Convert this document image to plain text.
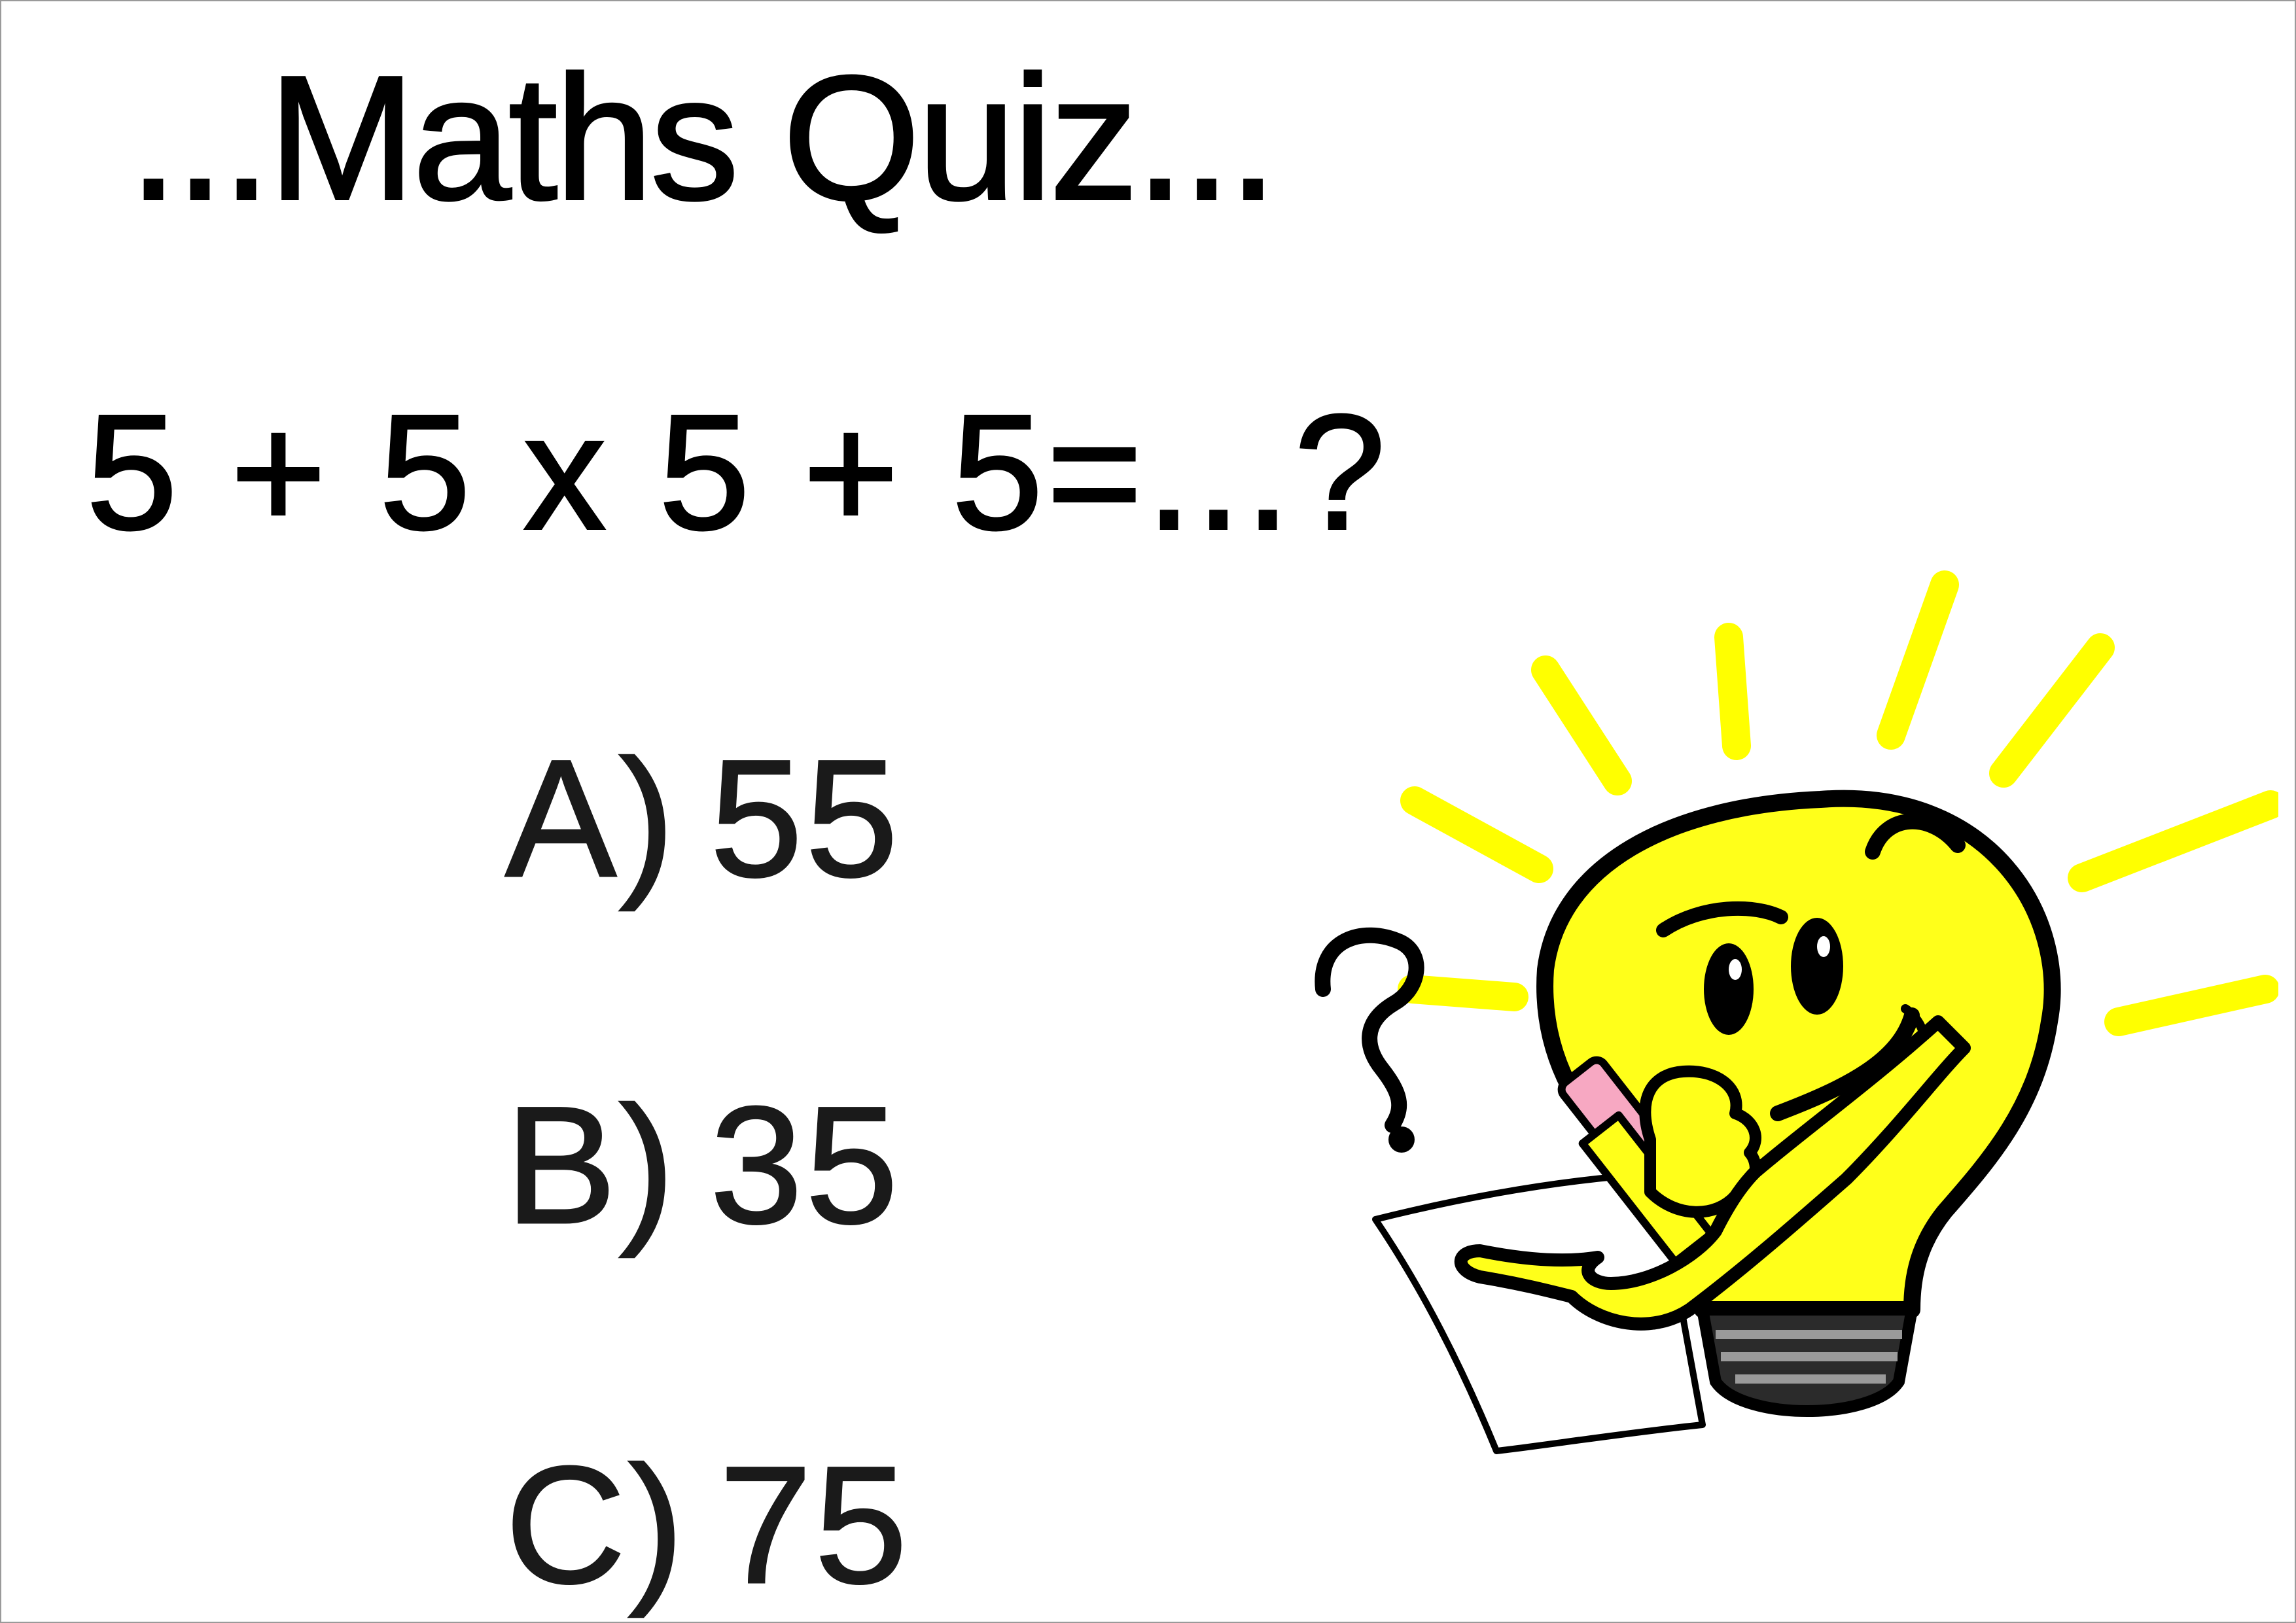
...Maths Quiz...
5 + 5 x 5 + 5=...?
A) 55
B) 35
C) 75
